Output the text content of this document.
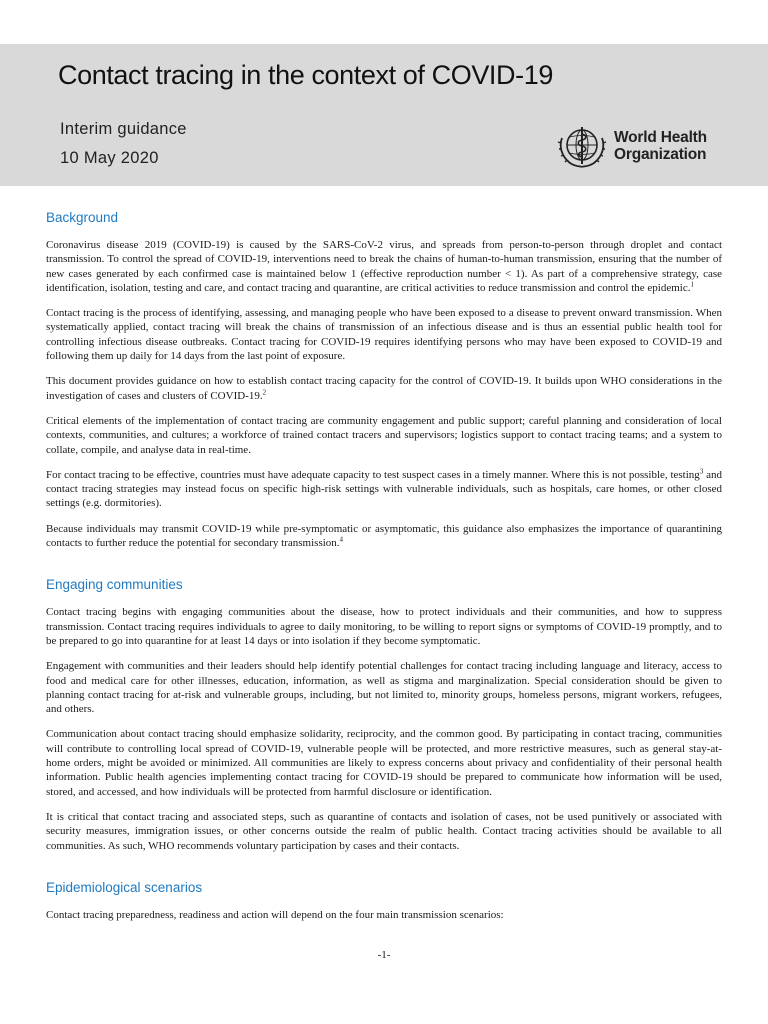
Contact tracing in the context of COVID-19
Interim guidance
10 May 2020
World Health
Organization
Background

Coronavirus disease 2019 (COVID-19) is caused by the SARS-CoV-2 virus, and spreads from person-to-person through droplet and contact transmission. To control the spread of COVID-19, interventions need to break the chains of human-to-human transmission, ensuring that the number of new cases generated by each confirmed case is maintained below 1 (effective reproduction number < 1). As part of a comprehensive strategy, case identification, isolation, testing and care, and contact tracing and quarantine, are critical activities to reduce transmission and control the epidemic.$^1$

Contact tracing is the process of identifying, assessing, and managing people who have been exposed to a disease to prevent onward transmission. When systematically applied, contact tracing will break the chains of transmission of an infectious disease and is thus an essential public health tool for controlling infectious disease outbreaks. Contact tracing for COVID-19 requires identifying persons who may have been exposed to COVID-19 and following them up daily for 14 days from the last point of exposure.

This document provides guidance on how to establish contact tracing capacity for the control of COVID-19. It builds upon WHO considerations in the investigation of cases and clusters of COVID-19.$^2$

Critical elements of the implementation of contact tracing are community engagement and public support; careful planning and consideration of local contexts, communities, and cultures; a workforce of trained contact tracers and supervisors; logistics support to contact tracing teams; and a system to collate, compile, and analyse data in real-time.

For contact tracing to be effective, countries must have adequate capacity to test suspect cases in a timely manner. Where this is not possible, testing$^3$ and contact tracing strategies may instead focus on specific high-risk settings with vulnerable individuals, such as hospitals, care homes, or other closed settings (e.g. dormitories).

Because individuals may transmit COVID-19 while pre-symptomatic or asymptomatic, this guidance also emphasizes the importance of quarantining contacts to further reduce the potential for secondary transmission.$^4$

Engaging communities

Contact tracing begins with engaging communities about the disease, how to protect individuals and their communities, and how to suppress transmission. Contact tracing requires individuals to agree to daily monitoring, to be willing to report signs or symptoms of COVID-19 promptly, and to be prepared to go into quarantine for at least 14 days or into isolation if they become symptomatic.

Engagement with communities and their leaders should help identify potential challenges for contact tracing including language and literacy, access to food and medical care for other illnesses, education, information, as well as stigma and marginalization. Special consideration should be given to planning contact tracing for at-risk and vulnerable groups, including, but not limited to, minority groups, homeless persons, migrant workers, refugees, and others.

Communication about contact tracing should emphasize solidarity, reciprocity, and the common good. By participating in contact tracing, communities will contribute to controlling local spread of COVID-19, vulnerable people will be protected, and more restrictive measures, such as general stay-at-home orders, might be avoided or minimized. All communities are likely to express concerns about privacy and confidentiality of their personal health information. Public health agencies implementing contact tracing for COVID-19 should be prepared to communicate how information will be used, stored, and accessed, and how individuals will be protected from harmful disclosure or identification.

It is critical that contact tracing and associated steps, such as quarantine of contacts and isolation of cases, not be used punitively or associated with security measures, immigration issues, or other concerns outside the realm of public health. Contact tracing activities should be available to all communities. As such, WHO recommends voluntary participation by cases and their contacts.

Epidemiological scenarios

Contact tracing preparedness, readiness and action will depend on the four main transmission scenarios:

-1-
